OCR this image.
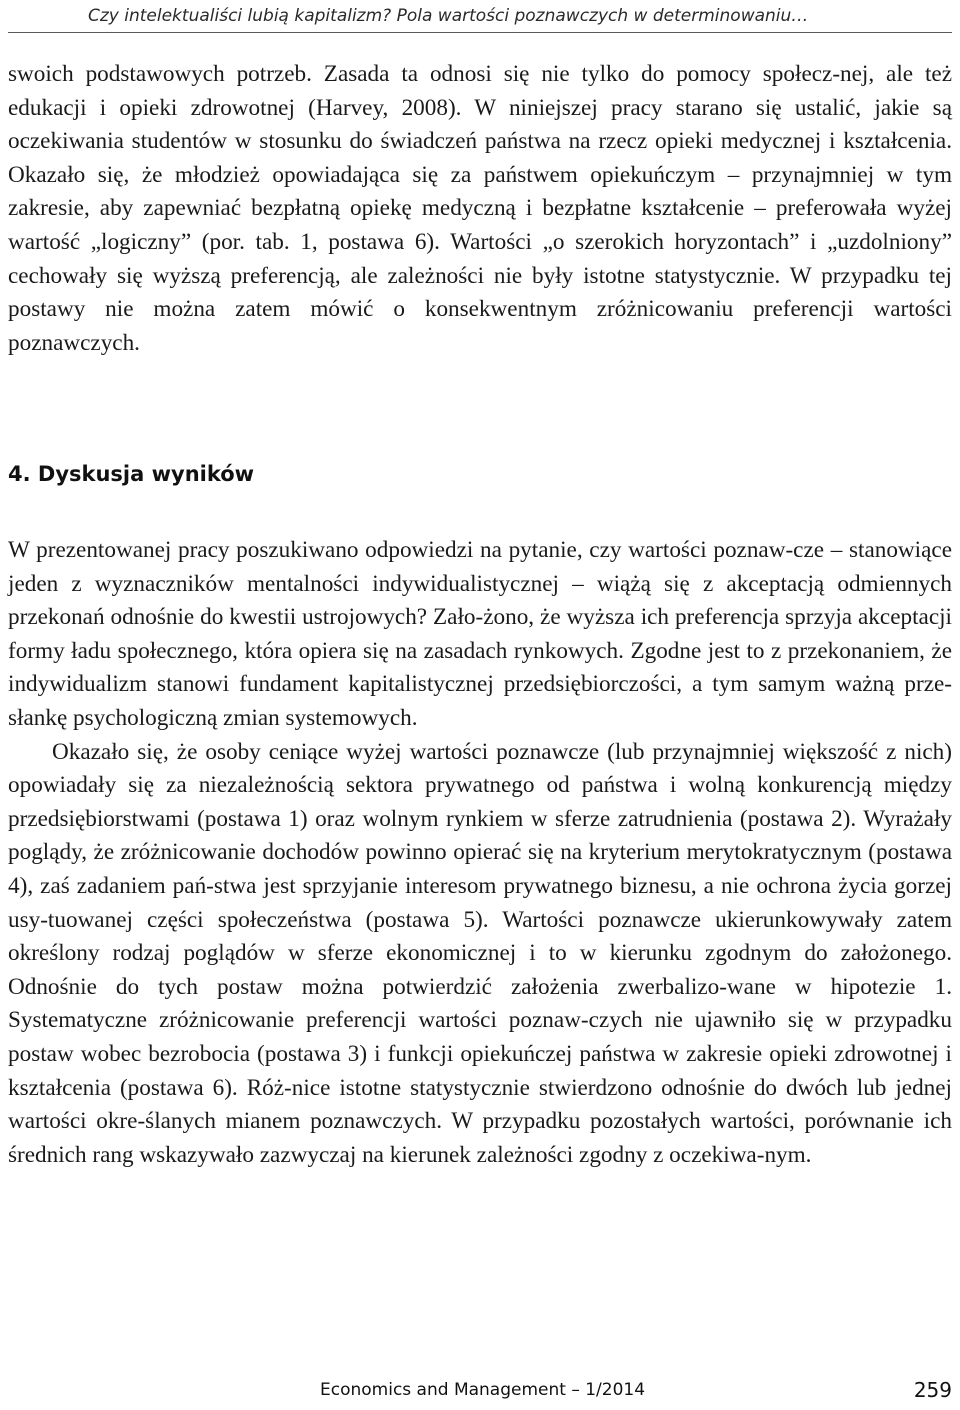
Czy intelektualiści lubią kapitalizm? Pola wartości poznawczych w determinowaniu…

swoich podstawowych potrzeb. Zasada ta odnosi się nie tylko do pomocy społecz-nej, ale też edukacji i opieki zdrowotnej (Harvey, 2008). W niniejszej pracy starano się ustalić, jakie są oczekiwania studentów w stosunku do świadczeń państwa na rzecz opieki medycznej i kształcenia. Okazało się, że młodzież opowiadająca się za państwem opiekuńczym – przynajmniej w tym zakresie, aby zapewniać bezpłatną opiekę medyczną i bezpłatne kształcenie – preferowała wyżej wartość „logiczny” (por. tab. 1, postawa 6). Wartości „o szerokich horyzontach” i „uzdolniony” cechowały się wyższą preferencją, ale zależności nie były istotne statystycznie. W przypadku tej postawy nie można zatem mówić o konsekwentnym zróżnicowaniu preferencji wartości poznawczych.

4. Dyskusja wyników

W prezentowanej pracy poszukiwano odpowiedzi na pytanie, czy wartości poznaw-cze – stanowiące jeden z wyznaczników mentalności indywidualistycznej – wiążą się z akceptacją odmiennych przekonań odnośnie do kwestii ustrojowych? Zało-żono, że wyższa ich preferencja sprzyja akceptacji formy ładu społecznego, która opiera się na zasadach rynkowych. Zgodne jest to z przekonaniem, że indywidualizm stanowi fundament kapitalistycznej przedsiębiorczości, a tym samym ważną prze-słankę psychologiczną zmian systemowych.

Okazało się, że osoby ceniące wyżej wartości poznawcze (lub przynajmniej większość z nich) opowiadały się za niezależnością sektora prywatnego od państwa i wolną konkurencją między przedsiębiorstwami (postawa 1) oraz wolnym rynkiem w sferze zatrudnienia (postawa 2). Wyrażały poglądy, że zróżnicowanie dochodów powinno opierać się na kryterium merytokratycznym (postawa 4), zaś zadaniem pań-stwa jest sprzyjanie interesom prywatnego biznesu, a nie ochrona życia gorzej usy-tuowanej części społeczeństwa (postawa 5). Wartości poznawcze ukierunkowywały zatem określony rodzaj poglądów w sferze ekonomicznej i to w kierunku zgodnym do założonego. Odnośnie do tych postaw można potwierdzić założenia zwerbalizo-wane w hipotezie 1. Systematyczne zróżnicowanie preferencji wartości poznaw-czych nie ujawniło się w przypadku postaw wobec bezrobocia (postawa 3) i funkcji opiekuńczej państwa w zakresie opieki zdrowotnej i kształcenia (postawa 6). Róż-nice istotne statystycznie stwierdzono odnośnie do dwóch lub jednej wartości okre-ślanych mianem poznawczych. W przypadku pozostałych wartości, porównanie ich średnich rang wskazywało zazwyczaj na kierunek zależności zgodny z oczekiwa-nym.

Economics and Management – 1/2014	259
